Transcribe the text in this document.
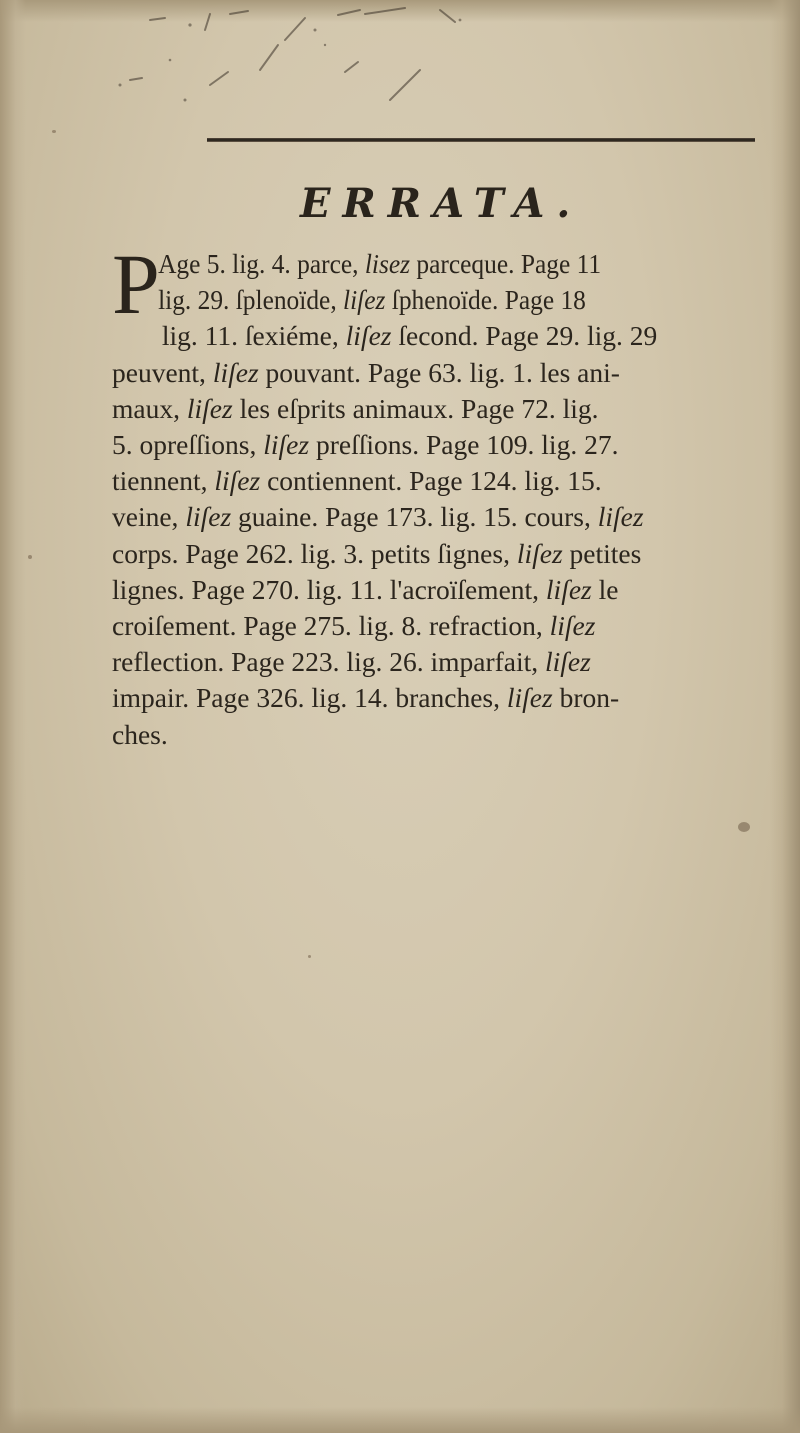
ERRATA.
P
Age 5. lig. 4. parce, lisez parceque. Page 11
lig. 29. ſplenoïde, liſez ſphenoïde. Page 18
lig. 11. ſexiéme, liſez ſecond. Page 29. lig. 29
peuvent, liſez pouvant. Page 63. lig. 1. les ani-
maux, liſez les eſprits animaux. Page 72. lig.
5. opreſſions, liſez preſſions. Page 109. lig. 27.
tiennent, liſez contiennent. Page 124. lig. 15.
veine, liſez guaine. Page 173. lig. 15. cours, liſez
corps. Page 262. lig. 3. petits ſignes, liſez petites
lignes. Page 270. lig. 11. l'acroïſement, liſez le
croiſement. Page 275. lig. 8. refraction, liſez
reflection. Page 223. lig. 26. imparfait, liſez
impair. Page 326. lig. 14. branches, liſez bron-
ches.
